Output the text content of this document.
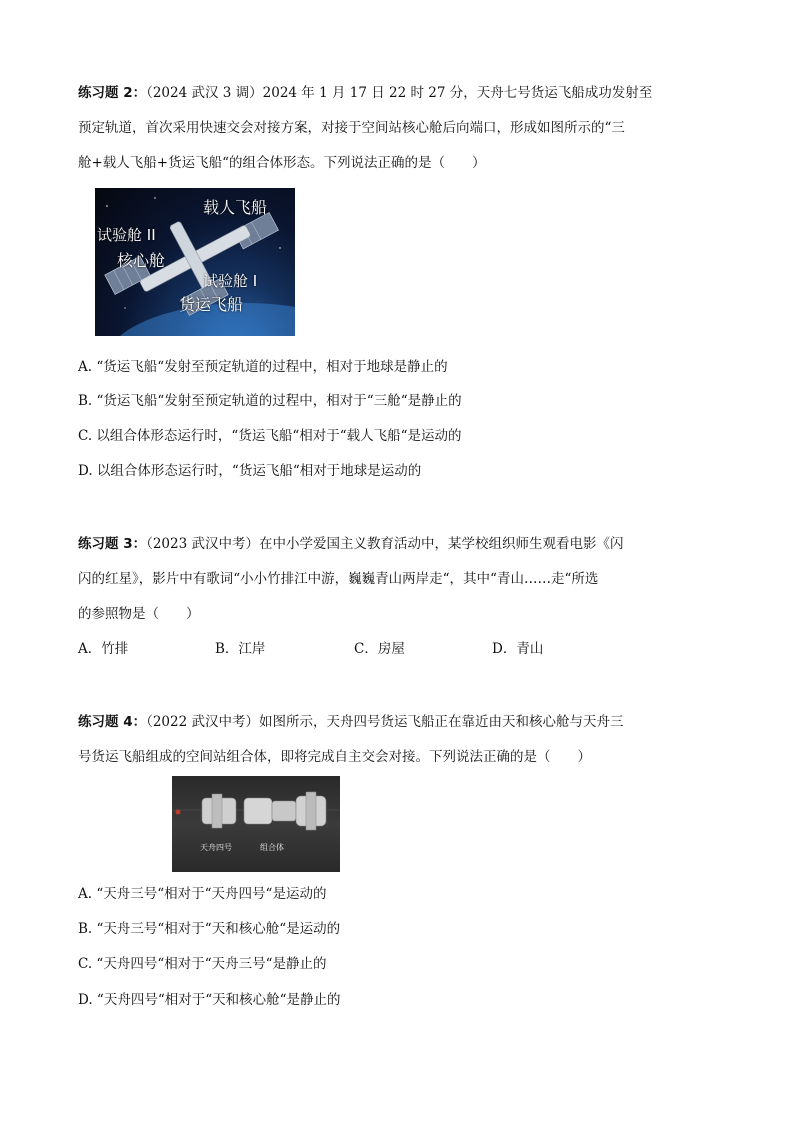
练习题 2：（2024 武汉 3 调）2024 年 1 月 17 日 22 时 27 分，天舟七号货运飞船成功发射至
预定轨道，首次采用快速交会对接方案，对接于空间站核心舱后向端口，形成如图所示的“三
舱+载人飞船+货运飞船“的组合体形态。下列说法正确的是（　　）
载人飞船
试验舱 II
核心舱
试验舱 I
货运飞船
A. “货运飞船“发射至预定轨道的过程中，相对于地球是静止的
B. “货运飞船“发射至预定轨道的过程中，相对于“三舱“是静止的
C. 以组合体形态运行时，“货运飞船“相对于“载人飞船“是运动的
D. 以组合体形态运行时，“货运飞船“相对于地球是运动的
练习题 3：（2023 武汉中考）在中小学爱国主义教育活动中，某学校组织师生观看电影《闪
闪的红星》，影片中有歌词“小小竹排江中游，巍巍青山两岸走“，其中“青山……走“所选
的参照物是（　　）
A．竹排	B．江岸	C．房屋	D．青山
练习题 4：（2022 武汉中考）如图所示，天舟四号货运飞船正在靠近由天和核心舱与天舟三
号货运飞船组成的空间站组合体，即将完成自主交会对接。下列说法正确的是（　　）
天舟四号	组合体
A. “天舟三号“相对于“天舟四号“是运动的
B. “天舟三号“相对于“天和核心舱“是运动的
C. “天舟四号“相对于“天舟三号“是静止的
D. “天舟四号“相对于“天和核心舱“是静止的
